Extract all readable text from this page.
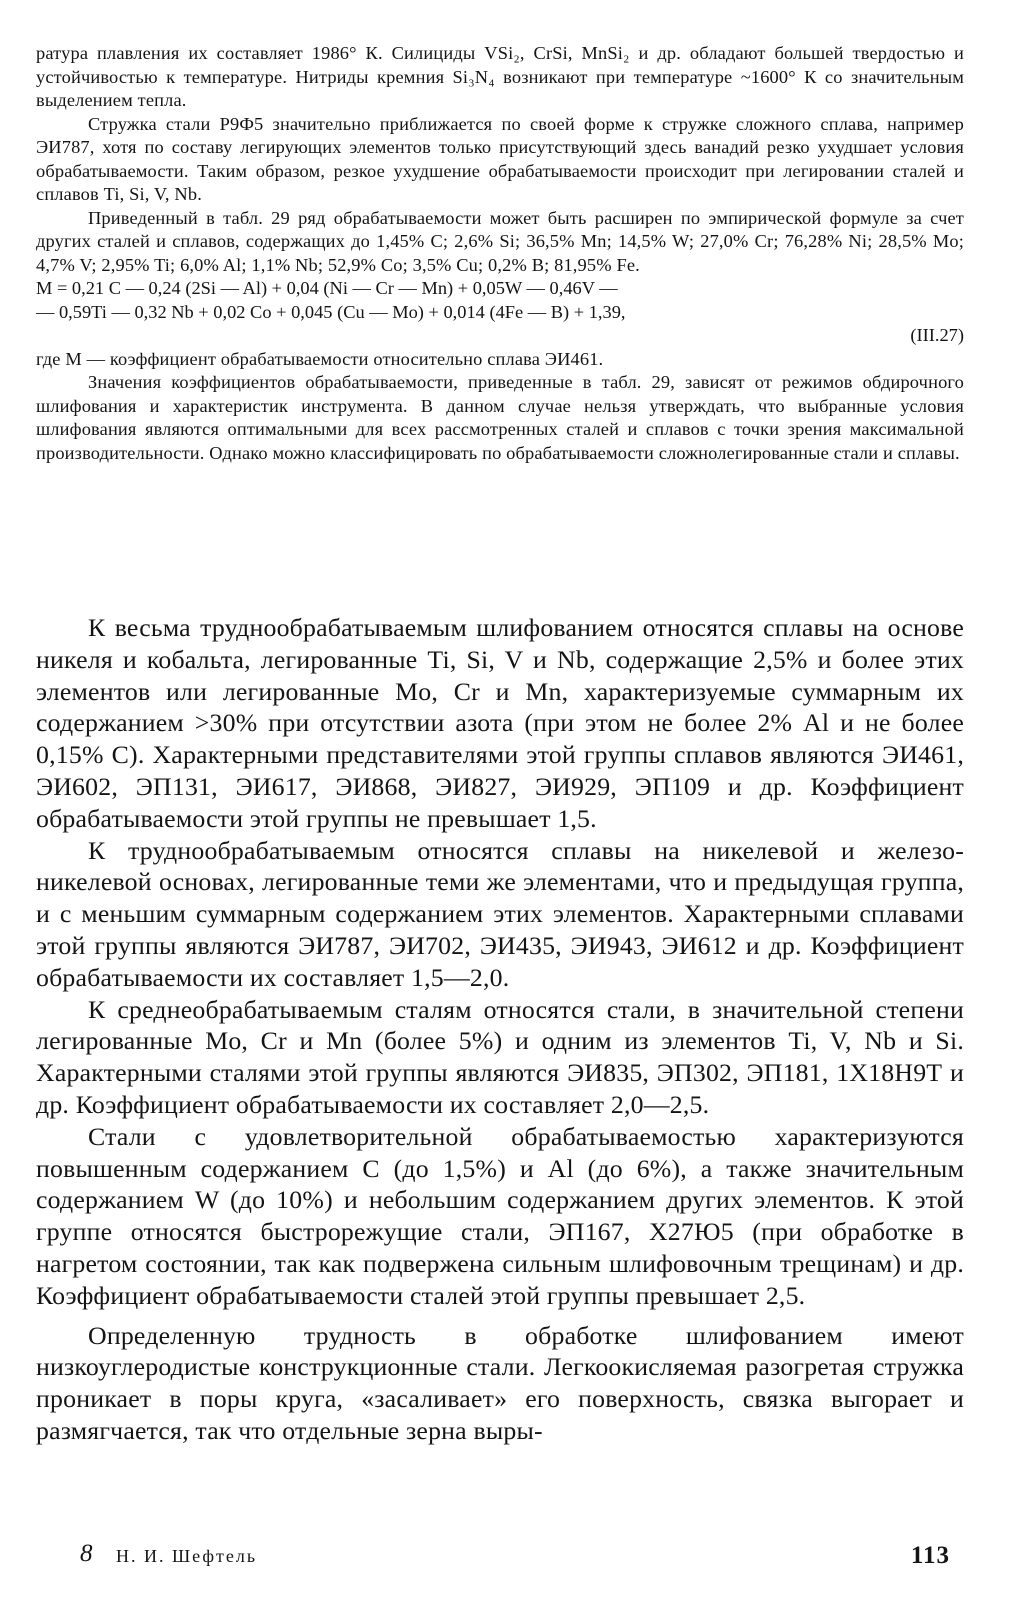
ратура плавления их составляет 1986° К. Силициды VSi₂, CrSi, MnSi₂ и др. обладают большей твердостью и устойчивостью к температуре. Нитриды кремния Si₃N₄ возникают при температуре ~1600° К со значительным выделением тепла.

Стружка стали Р9Ф5 значительно приближается по своей форме к стружке сложного сплава, например ЭИ787, хотя по составу легирующих элементов только присутствующий здесь ванадий резко ухудшает условия обрабатываемости. Таким образом, резкое ухудшение обрабатываемости происходит при легировании сталей и сплавов Ti, Si, V, Nb.

Приведенный в табл. 29 ряд обрабатываемости может быть расширен по эмпирической формуле за счет других сталей и сплавов, содержащих до 1,45% C; 2,6% Si; 36,5% Mn; 14,5% W; 27,0% Cr; 76,28% Ni; 28,5% Mo; 4,7% V; 2,95% Ti; 6,0% Al; 1,1% Nb; 52,9% Co; 3,5% Cu; 0,2% B; 81,95% Fe.

M = 0,21 C — 0,24 (2Si — Al) + 0,04 (Ni — Cr — Mn) + 0,05W — 0,46V —
— 0,59Ti — 0,32 Nb + 0,02 Co + 0,045 (Cu — Mo) + 0,014 (4Fe — B) + 1,39,

(III.27)

где M — коэффициент обрабатываемости относительно сплава ЭИ461.

Значения коэффициентов обрабатываемости, приведенные в табл. 29, зависят от режимов обдирочного шлифования и характеристик инструмента. В данном случае нельзя утверждать, что выбранные условия шлифования являются оптимальными для всех рассмотренных сталей и сплавов с точки зрения максимальной производительности. Однако можно классифицировать по обрабатываемости сложнолегированные стали и сплавы.

К весьма труднообрабатываемым шлифованием относятся сплавы на основе никеля и кобальта, легированные Ti, Si, V и Nb, содержащие 2,5% и более этих элементов или легированные Mo, Cr и Mn, характеризуемые суммарным их содержанием >30% при отсутствии азота (при этом не более 2% Al и не более 0,15% C). Характерными представителями этой группы сплавов являются ЭИ461, ЭИ602, ЭП131, ЭИ617, ЭИ868, ЭИ827, ЭИ929, ЭП109 и др. Коэффициент обрабатываемости этой группы не превышает 1,5.

К труднообрабатываемым относятся сплавы на никелевой и железо-никелевой основах, легированные теми же элементами, что и предыдущая группа, и с меньшим суммарным содержанием этих элементов. Характерными сплавами этой группы являются ЭИ787, ЭИ702, ЭИ435, ЭИ943, ЭИ612 и др. Коэффициент обрабатываемости их составляет 1,5—2,0.

К среднеобрабатываемым сталям относятся стали, в значительной степени легированные Mo, Cr и Mn (более 5%) и одним из элементов Ti, V, Nb и Si. Характерными сталями этой группы являются ЭИ835, ЭП302, ЭП181, 1Х18Н9Т и др. Коэффициент обрабатываемости их составляет 2,0—2,5.

Стали с удовлетворительной обрабатываемостью характеризуются повышенным содержанием C (до 1,5%) и Al (до 6%), а также значительным содержанием W (до 10%) и небольшим содержанием других элементов. К этой группе относятся быстрорежущие стали, ЭП167, Х27Ю5 (при обработке в нагретом состоянии, так как подвержена сильным шлифовочным трещинам) и др. Коэффициент обрабатываемости сталей этой группы превышает 2,5.

Определенную трудность в обработке шлифованием имеют низкоуглеродистые конструкционные стали. Легкоокисляемая разогретая стружка проникает в поры круга, «засаливает» его поверхность, связка выгорает и размягчается, так что отдельные зерна выры-

8 Н. И. Шефтель	113
